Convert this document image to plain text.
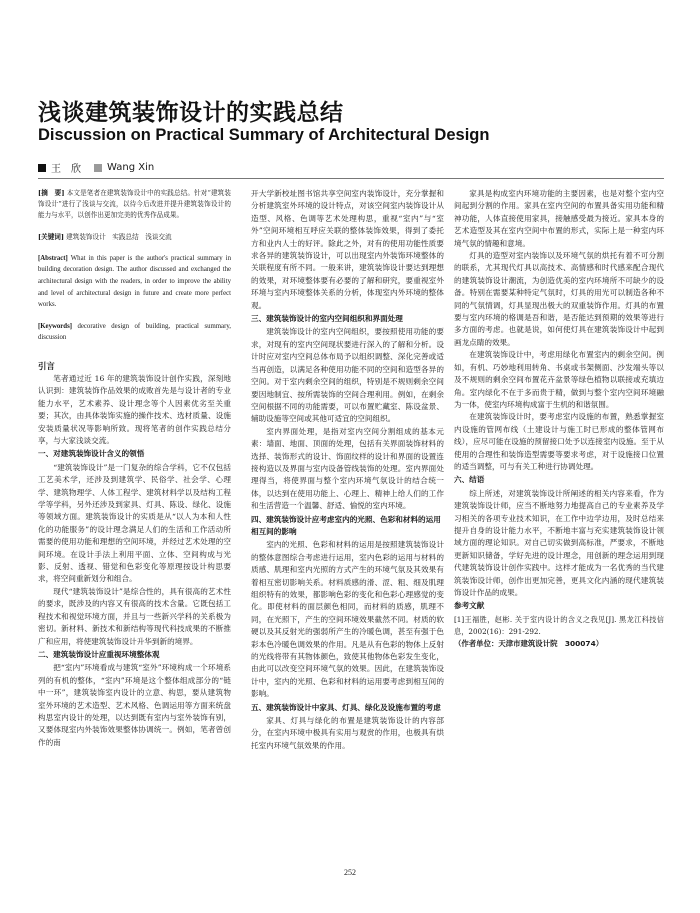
浅谈建筑装饰设计的实践总结
Discussion on Practical Summary of Architectural Design
王　欣	Wang Xin

[摘　要] 本文是笔者在建筑装饰设计中的实践总结。针对“建筑装饰设计”进行了浅谈与交流，以待今后改进并提升建筑装饰设计的能力与水平，以创作出更加完美的优秀作品成果。

[关键词] 建筑装饰设计　实践总结　浅谈交流

[Abstract] What in this paper is the author's practical summary in building decoration design. The author discussed and exchanged the architectural design with the readers, in order to improve the ability and level of architectural design in future and create more perfect works.

[Keywords] decorative design of building, practical summary, discussion

引言

笔者通过近 16 年的建筑装饰设计创作实践，深刻地认识到：建筑装饰作品效果的成败首先是与设计者的专业能力水平，艺术素养、设计理念等个人因素优劣至关重要；其次，由具体装饰实施的操作技术、选材质量、设施安装质量状况等影响所致。现将笔者的创作实践总结分享，与大家浅谈交流。

一、对建筑装饰设计含义的领悟

“建筑装饰设计”是一门复杂的综合学科，它不仅包括工艺美术学，还涉及到建筑学、民俗学、社会学、心理学、建筑物理学、人体工程学、建筑材料学以及结构工程学等学科，另外还涉及到家具、灯具、陈设、绿化、设施等领域方面。建筑装饰设计的实质是从“以人为本和人性化的功能服务”的设计理念满足人们的生活和工作活动所需要的使用功能和理想的空间环境，并经过艺术处理的空间环境。在设计手法上利用平面、立体、空间构成与光影、反射、透视、错觉和色彩变化等原理按设计构思要求，将空间重新划分和组合。

现代“建筑装饰设计”是综合性的，具有很高的艺术性的要求，既涉及的内容又有很高的技术含量。它既包括工程技术和视觉环境方面，并且与一些新兴学科的关系极为密切。新材料、新技术和新结构等现代科技成果的不断推广和应用，将使建筑装饰设计升华到新的境界。

二、建筑装饰设计应重视环境整体观

把“室内”环境看成与建筑“室外”环境构成一个环境系列的有机的整体，“室内”环境是这个整体组成部分的“链中一环”，建筑装饰室内设计的立意、构思，要从建筑物室外环境的艺术造型、艺术风格、色调运用等方面来统盘构思室内设计的处理，以达到既有室内与室外装饰有别，又要体现室内外装饰效果整体协调统一。例如，笔者曾创作的南

开大学新校址图书馆共享空间室内装饰设计，充分掌握和分析建筑室外环境的设计特点，对该空间室内装饰设计从造型、风格、色调等艺术处理构思，重视“室内”与“室外”空间环境相互呼应关联的整体装饰效果，得到了委托方和业内人士的好评。除此之外，对有的使用功能性质要求各异的建筑装饰设计，可以出现室内外装饰环境整体的关联程度有所不同。一般来讲，建筑装饰设计要达到理想的效果，对环境整体要有必要的了解和研究，要重视室外环境与室内环境整体关系的分析，体现室内外环境的整体观。

三、建筑装饰设计的室内空间组织和界面处理

建筑装饰设计的室内空间组织，要按照使用功能的要求，对现有的室内空间现状要进行深入的了解和分析。设计时应对室内空间总体布局予以组织调整、深化完善或适当再创造，以满足各种使用功能不同的空间和造型各异的空间。对于室内剩余空间的组织，特别是不规则剩余空间要因地制宜、按所需装饰的空间合理利用。例如，在剩余空间根据不同的功能需要，可以布置贮藏室、陈设盆景、辅助设施等空间或其他可适宜的空间组织。

室内界面处理，是指对室内空间分割组成的基本元素：墙面、地面、顶面的处理，包括有关界面装饰材料的选择、装饰形式的设计、饰面纹样的设计和界面的设置连接构造以及界面与室内设备管线装饰的处理。室内界面处理得当，将使界面与整个室内环境气氛设计的结合统一体，以达到在使用功能上、心理上、精神上给人们的工作和生活营造一个温馨、舒适、愉悦的室内环境。

四、建筑装饰设计应考虑室内的光照、色彩和材料的运用相互间的影响

室内的光照、色彩和材料的运用是按照建筑装饰设计的整体意图综合考虑进行运用，室内色彩的运用与材料的质感、肌理和室内光照的方式产生的环境气氛及其效果有着相互密切影响关系。材料质感的滑、涩、粗、细及肌理组织特有的效果，都影响色彩的变化和色彩心理感觉的变化。即使材料的面层颜色相同，而材料的质感，肌理不同，在光照下，产生的空间环境效果截然不同。材质的软硬以及其反射光的强弱所产生的冷暖色调，甚至有强于色彩本色冷暖色调效果的作用。凡是从有色彩的物体上反射的光线将带有其物体颜色，致使其他物体色彩发生变化，由此可以改变空间环境气氛的效果。因此，在建筑装饰设计中，室内的光照、色彩和材料的运用要考虑到相互间的影响。

五、建筑装饰设计中家具、灯具、绿化及设施布置的考虑

家具、灯具与绿化的布置是建筑装饰设计的内容部分，在室内环境中极具有实用与观赏的作用，也极具有烘托室内环境气氛效果的作用。

家具是构成室内环境功能的主要因素，也是对整个室内空间起到分割的作用。家具在室内空间的布置具备实用功能和精神功能，人体直接使用家具，接触感受最为接近。家具本身的艺术造型及其在室内空间中布置的形式，实际上是一种室内环境气氛的情趣和意境。

灯具的造型对室内装饰以及环境气氛的烘托有着不可分割的联系，尤其现代灯具以高技术、高情感和时代感来配合现代的建筑装饰设计潮流，为创造优美的室内环境所不可缺少的设备。特别在需要某种特定气氛时，灯具的用光可以制造各种不同的气氛情调，灯具显现出极大的双重装饰作用。灯具的布置要与室内环境的格调是吾和谐，是否能达到预期的效果等进行多方面的考虑。也就是说，如何使灯具在建筑装饰设计中起到画龙点睛的效果。

在建筑装饰设计中，考虑用绿化布置室内的剩余空间。例如，有机、巧妙地利用转角、书桌或书架侧面、沙发端头等以及不规则的剩余空间布置花卉盆景等绿色植物以联接或充填边角。室内绿化不在于多而贵于精，做到与整个室内空间环境融为一体，使室内环境构成富于生机的和谐氛围。

在建筑装饰设计时，要考虑室内设施的布置，熟悉掌握室内设施的管网布线（土建设计与施工时已形成的整体管网布线），应尽可能在设施的预留接口处予以连接室内设施。至于从使用的合理性和装饰造型需要等要求考虑，对于设施接口位置的适当调整，可与有关工种进行协调处理。

六、结语

综上所述，对建筑装饰设计所阐述的相关内容来看，作为建筑装饰设计师，应当不断地努力地提高自己的专业素养及学习相关的各项专业技术知识，在工作中边学边用，及时总结来提升自身的设计能力水平，不断地丰富与充实建筑装饰设计领域方面的理论知识。对自己切实做到高标准，严要求，不断地更新知识储备，学好先进的设计理念，用创新的理念运用到现代建筑装饰设计创作实践中。这样才能成为一名优秀的当代建筑装饰设计师，创作出更加完善，更具文化内涵的现代建筑装饰设计作品的成果。

参考文献

[1]王福胜，赵彬. 关于室内设计的含义之我见[J]. 黑龙江科技信息，2002(16)：291-292.

（作者单位：天津市建筑设计院　300074）

252
